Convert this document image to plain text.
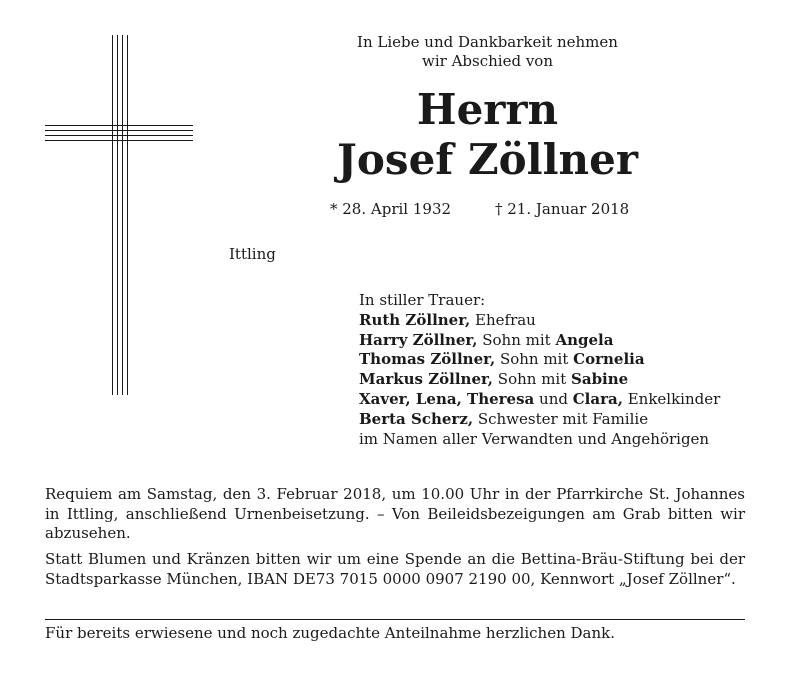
In Liebe und Dankbarkeit nehmen
wir Abschied von
Herrn
Josef Zöllner
* 28. April 1932	† 21. Januar 2018
Ittling
In stiller Trauer:
Ruth Zöllner, Ehefrau
Harry Zöllner, Sohn mit Angela
Thomas Zöllner, Sohn mit Cornelia
Markus Zöllner, Sohn mit Sabine
Xaver, Lena, Theresa und Clara, Enkelkinder
Berta Scherz, Schwester mit Familie
im Namen aller Verwandten und Angehörigen
Requiem am Samstag, den 3. Februar 2018, um 10.00 Uhr in der Pfarrkirche St. Johannes in Ittling, anschließend Urnenbeisetzung. – Von Beileidsbezeigungen am Grab bitten wir abzusehen.
Statt Blumen und Kränzen bitten wir um eine Spende an die Bettina-Bräu-Stiftung bei der Stadtsparkasse München, IBAN DE73 7015 0000 0907 2190 00, Kennwort „Josef Zöllner“.
Für bereits erwiesene und noch zugedachte Anteilnahme herzlichen Dank.
